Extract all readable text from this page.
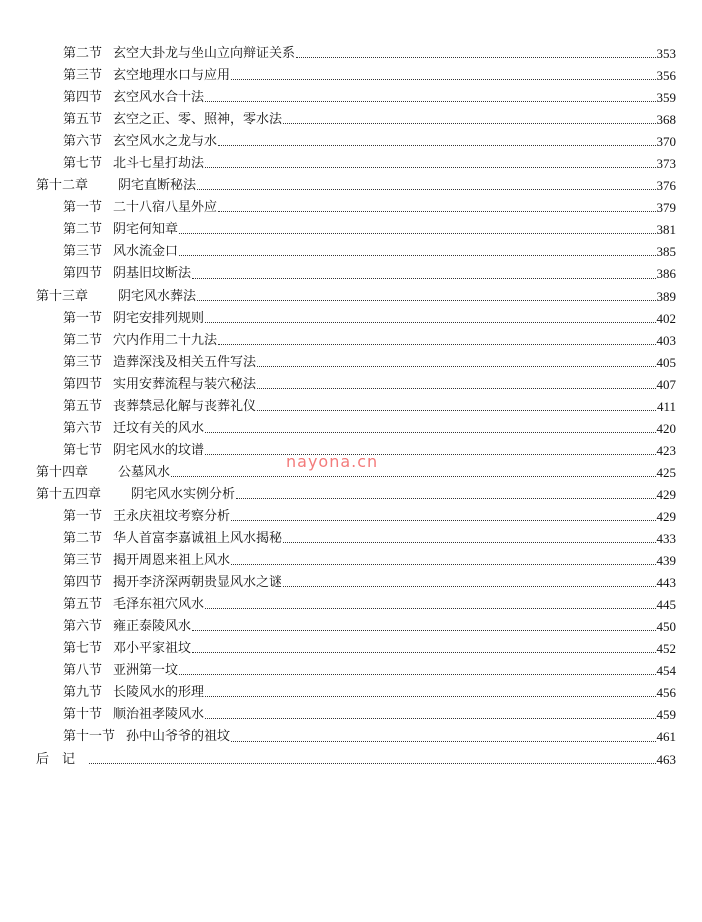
第二节 玄空大卦龙与坐山立向辩证关系	353
第三节 玄空地理水口与应用	356
第四节 玄空风水合十法	359
第五节 玄空之正、零、照神，零水法	368
第六节 玄空风水之龙与水	370
第七节 北斗七星打劫法	373
第十二章 阴宅直断秘法	376
第一节 二十八宿八星外应	379
第二节 阴宅何知章	381
第三节 风水流金口	385
第四节 阴基旧坟断法	386
第十三章 阴宅风水葬法	389
第一节 阴宅安排列规则	402
第二节 穴内作用二十九法	403
第三节 造葬深浅及相关五件写法	405
第四节 实用安葬流程与装穴秘法	407
第五节 丧葬禁忌化解与丧葬礼仪	411
第六节 迁坟有关的风水	420
第七节 阴宅风水的坟谱	423
第十四章 公墓风水	425
第十五四章 阴宅风水实例分析	429
第一节 王永庆祖坟考察分析	429
第二节 华人首富李嘉诚祖上风水揭秘	433
第三节 揭开周恩来祖上风水	439
第四节 揭开李济深两朝贵显风水之谜	443
第五节 毛泽东祖穴风水	445
第六节 雍正泰陵风水	450
第七节 邓小平家祖坟	452
第八节 亚洲第一坟	454
第九节 长陵风水的形理	456
第十节 顺治祖孝陵风水	459
第十一节 孙中山爷爷的祖坟	461
后记	463
nayona.cn
